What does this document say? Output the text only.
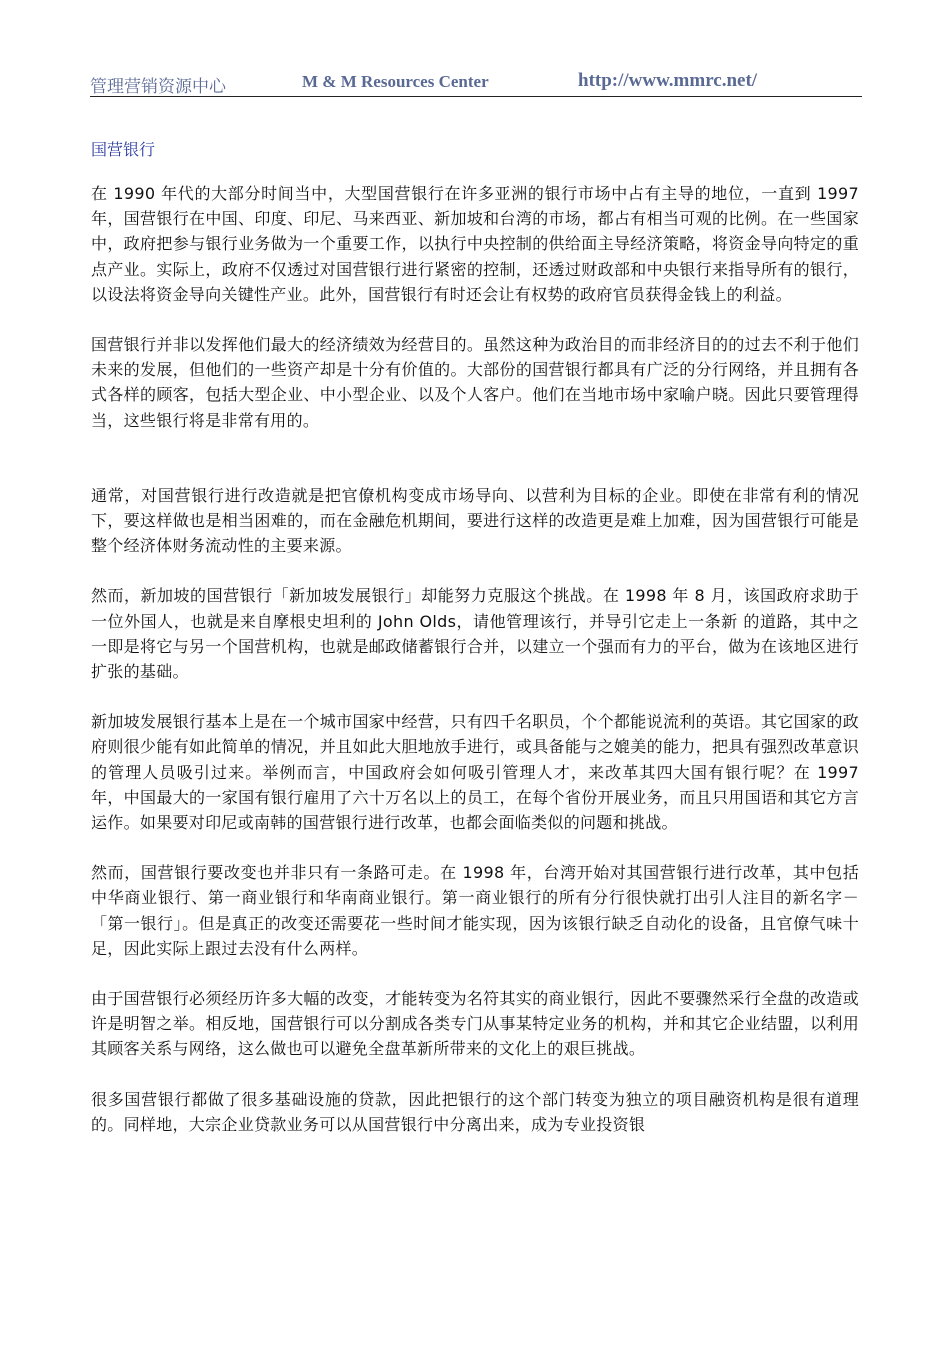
管理营销资源中心	M & M Resources Center	http://www.mmrc.net/
国营银行

在 1990 年代的大部分时间当中，大型国营银行在许多亚洲的银行市场中占有主导的地位，一直到 1997 年，国营银行在中国、印度、印尼、马来西亚、新加坡和台湾的市场，都占有相当可观的比例。在一些国家中，政府把参与银行业务做为一个重要工作，以执行中央控制的供给面主导经济策略，将资金导向特定的重点产业。实际上，政府不仅透过对国营银行进行紧密的控制，还透过财政部和中央银行来指导所有的银行，以设法将资金导向关键性产业。此外，国营银行有时还会让有权势的政府官员获得金钱上的利益。

国营银行并非以发挥他们最大的经济绩效为经营目的。虽然这种为政治目的而非经济目的的过去不利于他们未来的发展，但他们的一些资产却是十分有价值的。大部份的国营银行都具有广泛的分行网络，并且拥有各式各样的顾客，包括大型企业、中小型企业、以及个人客户。他们在当地市场中家喻户晓。因此只要管理得当，这些银行将是非常有用的。

通常，对国营银行进行改造就是把官僚机构变成市场导向、以营利为目标的企业。即使在非常有利的情况下，要这样做也是相当困难的，而在金融危机期间，要进行这样的改造更是难上加难，因为国营银行可能是整个经济体财务流动性的主要来源。

然而，新加坡的国营银行「新加坡发展银行」却能努力克服这个挑战。在 1998 年 8 月，该国政府求助于一位外国人，也就是来自摩根史坦利的 John Olds，请他管理该行，并导引它走上一条新 的道路，其中之一即是将它与另一个国营机构，也就是邮政储蓄银行合并，以建立一个强而有力的平台，做为在该地区进行扩张的基础。

新加坡发展银行基本上是在一个城市国家中经营，只有四千名职员，个个都能说流利的英语。其它国家的政府则很少能有如此简单的情况，并且如此大胆地放手进行，或具备能与之媲美的能力，把具有强烈改革意识的管理人员吸引过来。举例而言，中国政府会如何吸引管理人才，来改革其四大国有银行呢？在 1997 年，中国最大的一家国有银行雇用了六十万名以上的员工，在每个省份开展业务，而且只用国语和其它方言运作。如果要对印尼或南韩的国营银行进行改革，也都会面临类似的问题和挑战。

然而，国营银行要改变也并非只有一条路可走。在 1998 年，台湾开始对其国营银行进行改革，其中包括中华商业银行、第一商业银行和华南商业银行。第一商业银行的所有分行很快就打出引人注目的新名字－「第一银行」。但是真正的改变还需要花一些时间才能实现，因为该银行缺乏自动化的设备，且官僚气味十足，因此实际上跟过去没有什么两样。

由于国营银行必须经历许多大幅的改变，才能转变为名符其实的商业银行，因此不要骤然采行全盘的改造或许是明智之举。相反地，国营银行可以分割成各类专门从事某特定业务的机构，并和其它企业结盟，以利用其顾客关系与网络，这么做也可以避免全盘革新所带来的文化上的艰巨挑战。

很多国营银行都做了很多基础设施的贷款，因此把银行的这个部门转变为独立的项目融资机构是很有道理的。同样地，大宗企业贷款业务可以从国营银行中分离出来，成为专业投资银
